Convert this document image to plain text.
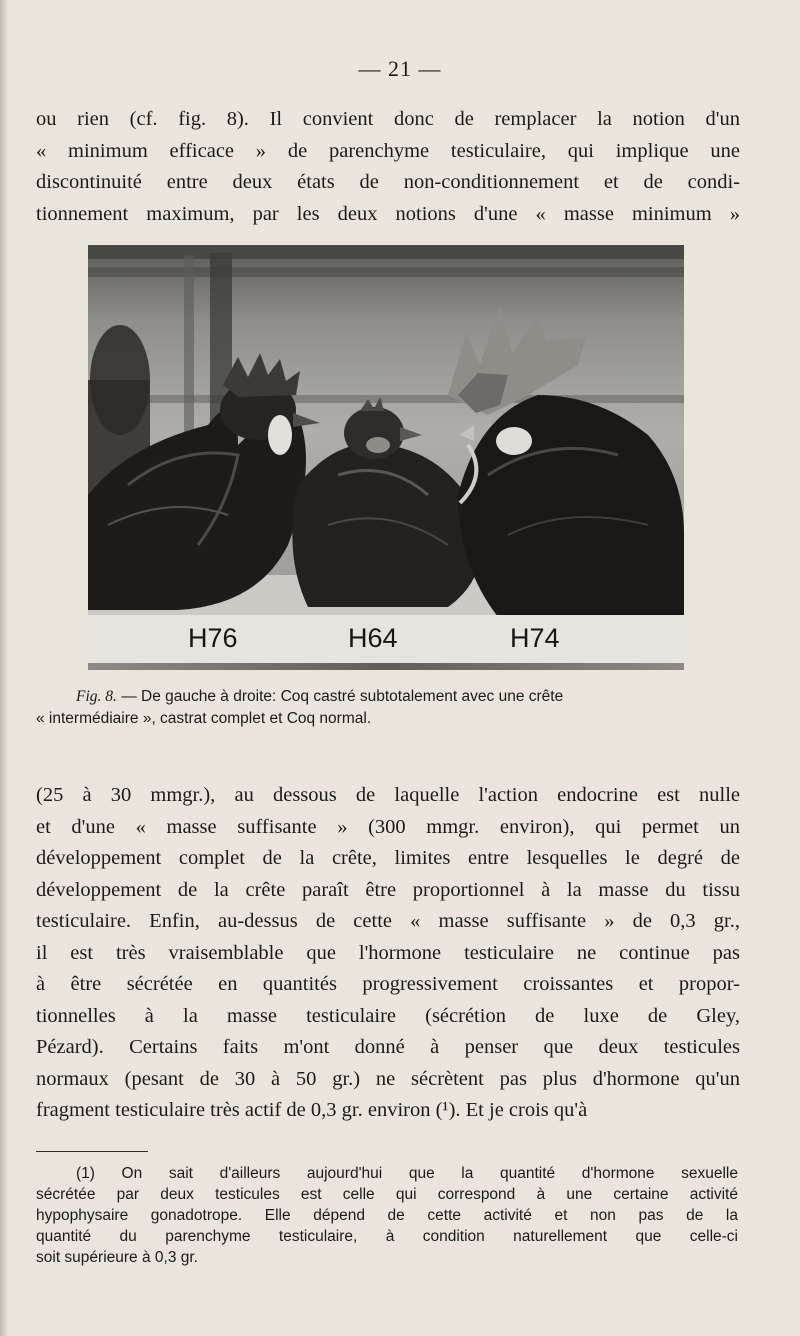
— 21 —

ou rien (cf. fig. 8). Il convient donc de remplacer la notion d'un
« minimum efficace » de parenchyme testiculaire, qui implique une
discontinuité entre deux états de non-conditionnement et de condi-
tionnement maximum, par les deux notions d'une « masse minimum »

H76	H64	H74

Fig. 8. — De gauche à droite: Coq castré subtotalement avec une crête
« intermédiaire », castrat complet et Coq normal.

(25 à 30 mmgr.), au dessous de laquelle l'action endocrine est nulle
et d'une « masse suffisante » (300 mmgr. environ), qui permet un
développement complet de la crête, limites entre lesquelles le degré de
développement de la crête paraît être proportionnel à la masse du tissu
testiculaire. Enfin, au-dessus de cette « masse suffisante » de 0,3 gr.,
il est très vraisemblable que l'hormone testiculaire ne continue pas
à être sécrétée en quantités progressivement croissantes et propor-
tionnelles à la masse testiculaire (sécrétion de luxe de Gley,
Pézard). Certains faits m'ont donné à penser que deux testicules
normaux (pesant de 30 à 50 gr.) ne sécrètent pas plus d'hormone qu'un
fragment testiculaire très actif de 0,3 gr. environ (¹). Et je crois qu'à

(1) On sait d'ailleurs aujourd'hui que la quantité d'hormone sexuelle
sécrétée par deux testicules est celle qui correspond à une certaine activité
hypophysaire gonadotrope. Elle dépend de cette activité et non pas de la
quantité du parenchyme testiculaire, à condition naturellement que celle-ci
soit supérieure à 0,3 gr.
